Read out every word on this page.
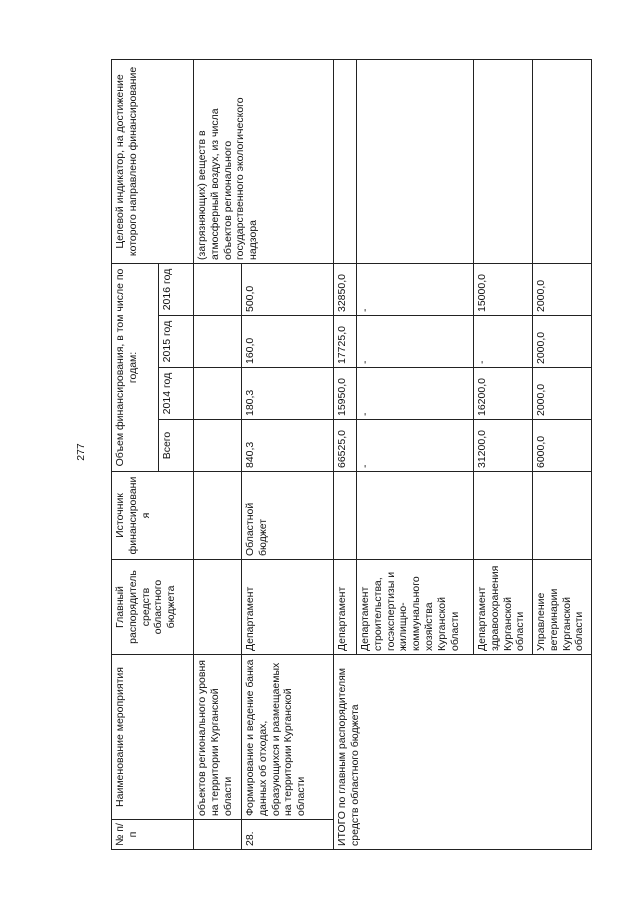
277
№ п/п	Наименование мероприятия	Главный распорядитель средств областного бюджета	Источник финансирования	Объем финансирования, в том числе по годам:				Целевой индикатор, на достижение которого направлено финансирование
				Всего	2014 год	2015 год	2016 год	
	объектов регионального уровня на территории Курганской области							(загрязняющих) веществ в атмосферный воздух, из числа объектов регионального государственного экологического надзора
28.	Формирование и ведение банка данных об отходах, образующихся и размещаемых на территории Курганской области	Департамент	Областной бюджет	840,3	180,3	160,0	500,0	
ИТОГО по главным распорядителям средств областного бюджета		Департамент		66525,0	15950,0	17725,0	32850,0	
		Департамент строительства, госэкспертизы и жилищно-коммунального хозяйства Курганской области		-	-	-	-	
		Департамент здравоохранения Курганской области		31200,0	16200,0	-	15000,0	
		Управление ветеринарии Курганской области		6000,0	2000,0	2000,0	2000,0	
